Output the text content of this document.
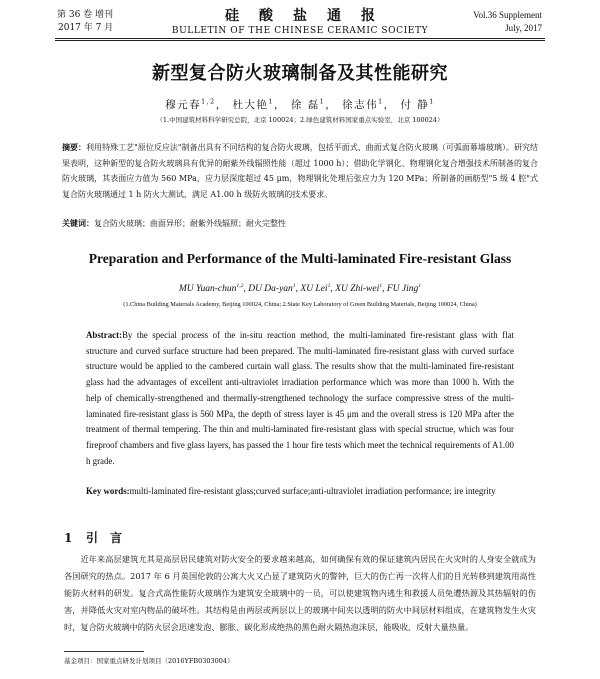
第 36 卷 增刊
2017 年 7 月
硅酸盐通报
BULLETIN OF THE CHINESE CERAMIC SOCIETY
Vol.36 Supplement
July, 2017
新型复合防火玻璃制备及其性能研究
穆元春$^{1,2}$， 杜大艳$^1$， 徐 磊$^1$， 徐志伟$^1$， 付 静$^1$
（1.中国建筑材料科学研究总院，北京 100024；2.绿色建筑材料国家重点实验室，北京 100024）
摘要：利用特殊工艺"原位反应法"制备出具有不同结构的复合防火玻璃，包括平面式、曲面式复合防火玻璃（可弧面幕墙玻璃）。研究结果表明，这种新型的复合防火玻璃具有优异的耐紫外线辐照性能（超过 1000 h）；借助化学钢化、物理钢化复合增强技术所制备的复合防火玻璃，其表面应力值为 560 MPa，应力层深度超过 45 μm，物理钢化处理后张应力为 120 MPa；所制备的画舫型"5 级 4 腔"式复合防火玻璃通过 1 h 防火大测试，满足 A1.00 h 级防火玻璃的技术要求。
关键词：复合防火玻璃；曲面异形；耐紫外线辐照；耐火完整性
Preparation and Performance of the Multi-laminated Fire-resistant Glass
MU Yuan-chun$^{1,2}$, DU Da-yan$^1$, XU Lei$^1$, XU Zhi-wei$^1$, FU Jing$^1$
(1.China Building Materials Academy, Beijing 100024, China; 2.State Key Laboratory of Green Building Materials, Beijing 100024, China)
Abstract:By the special process of the in-situ reaction method, the multi-laminated fire-resistant glass with flat structure and curved surface structure had been prepared. The multi-laminated fire-resistant glass with curved surface structure would be applied to the cambered curtain wall glass. The results show that the multi-laminated fire-resistant glass had the advantages of excellent anti-ultraviolet irradiation performance which was more than 1000 h. With the help of chemically-strengthened and thermally-strengthened technology the surface compressive stress of the multi-laminated fire-resistant glass is 560 MPa, the depth of stress layer is 45 μm and the overall stress is 120 MPa after the treatment of thermal tempering. The thin and multi-laminated fire-resistant glass with special structue, which was four fireproof chambers and five glass layers, has passed the 1 hour fire tests which meet the technical requirements of A1.00 h grade.
Key words:multi-laminated fire-resistant glass;curved surface;anti-ultraviolet irradiation performance; ire integrity
1 引言
近年来高层建筑尤其是高层居民建筑对防火安全的要求越来越高，如何确保有效的保证建筑内居民在火灾时的人身安全就成为各国研究的热点。2017 年 6 月英国伦敦的公寓大火又凸显了建筑防火的警钟，巨大的伤亡再一次将人们的目光转移到建筑用高性能防火材料的研发。复合式高性能防火玻璃作为建筑安全玻璃中的一员，可以使建筑物内逃生和救援人员免遭热源及其热辐射的伤害，并降低火灾对室内物品的破坏性。其结构是由两层或两层以上的玻璃中间夹以透明的防火中间层材料组成，在建筑物发生火灾时，复合防火玻璃中的防火层会迅速发泡、膨胀、碳化形成绝热的黑色耐火隔热泡沫层，能吸收、反射大量热量。
基金项目：国家重点研发计划项目（2016YFB0303004）
